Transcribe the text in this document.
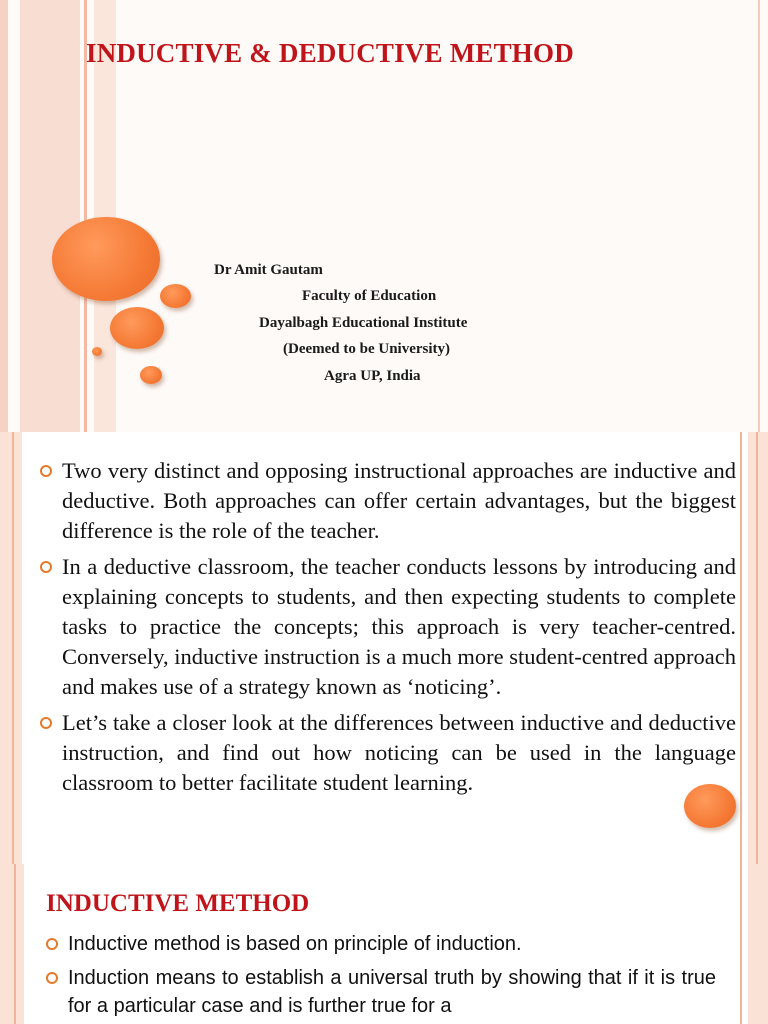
INDUCTIVE & DEDUCTIVE METHOD
Dr Amit Gautam
Faculty of Education
Dayalbagh Educational Institute
(Deemed to be University)
Agra UP, India
Two very distinct and opposing instructional approaches are inductive and deductive. Both approaches can offer certain advantages, but the biggest difference is the role of the teacher.
In a deductive classroom, the teacher conducts lessons by introducing and explaining concepts to students, and then expecting students to complete tasks to practice the concepts; this approach is very teacher-centred. Conversely, inductive instruction is a much more student-centred approach and makes use of a strategy known as ‘noticing’.
Let’s take a closer look at the differences between inductive and deductive instruction, and find out how noticing can be used in the language classroom to better facilitate student learning.
INDUCTIVE METHOD
Inductive method is based on principle of induction.
Induction means to establish a universal truth by showing that if it is true for a particular case and is further true for a
